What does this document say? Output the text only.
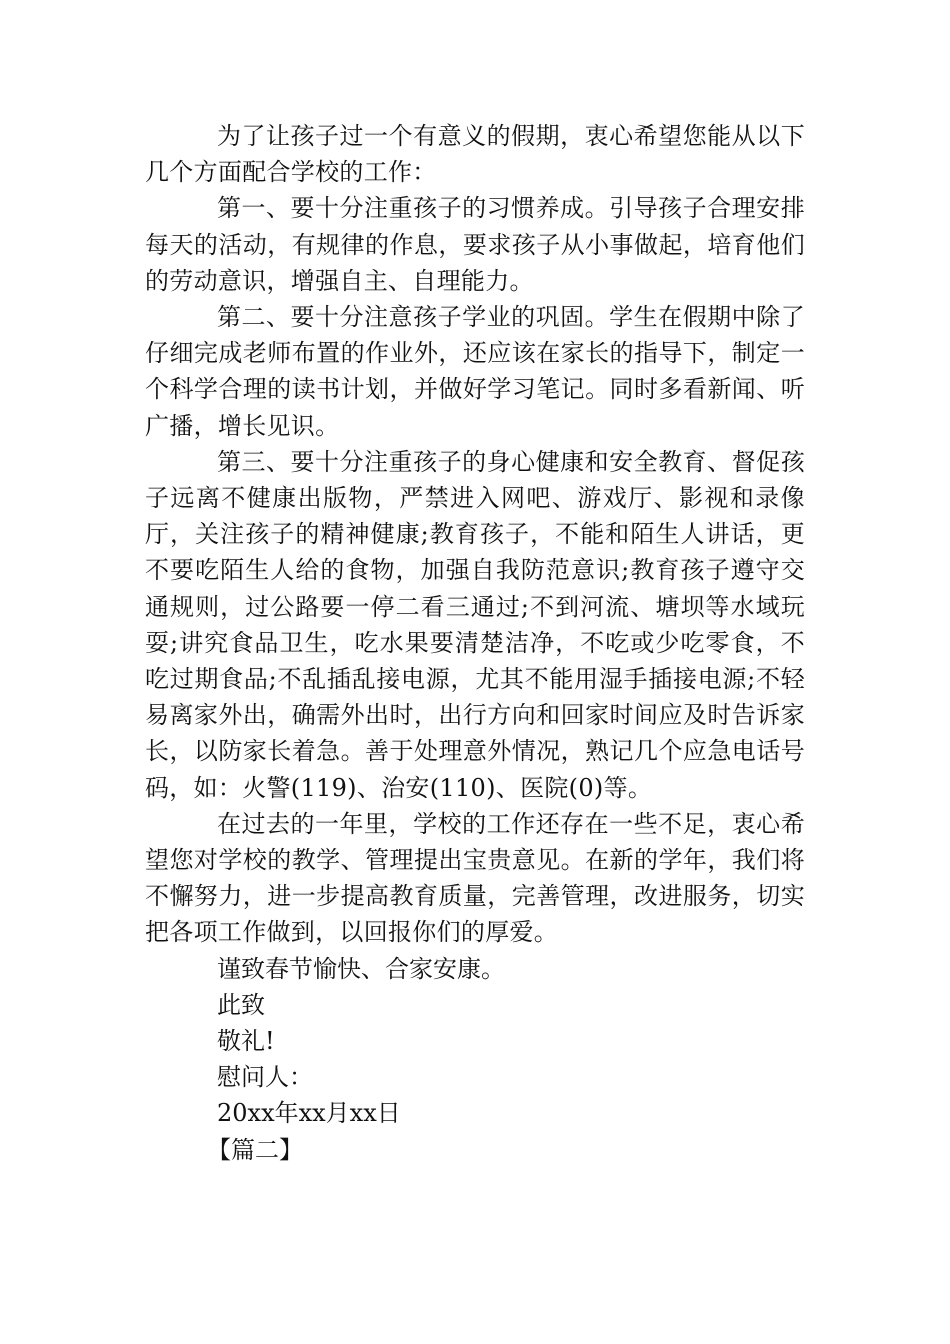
为了让孩子过一个有意义的假期，衷心希望您能从以下几个方面配合学校的工作：

第一、要十分注重孩子的习惯养成。引导孩子合理安排每天的活动，有规律的作息，要求孩子从小事做起，培育他们的劳动意识，增强自主、自理能力。

第二、要十分注意孩子学业的巩固。学生在假期中除了仔细完成老师布置的作业外，还应该在家长的指导下，制定一个科学合理的读书计划，并做好学习笔记。同时多看新闻、听广播，增长见识。

第三、要十分注重孩子的身心健康和安全教育、督促孩子远离不健康出版物，严禁进入网吧、游戏厅、影视和录像厅，关注孩子的精神健康;教育孩子，不能和陌生人讲话，更不要吃陌生人给的食物，加强自我防范意识;教育孩子遵守交通规则，过公路要一停二看三通过;不到河流、塘坝等水域玩耍;讲究食品卫生，吃水果要清楚洁净，不吃或少吃零食，不吃过期食品;不乱插乱接电源，尤其不能用湿手插接电源;不轻易离家外出，确需外出时，出行方向和回家时间应及时告诉家长，以防家长着急。善于处理意外情况，熟记几个应急电话号码，如：火警(119)、治安(110)、医院(0)等。

在过去的一年里，学校的工作还存在一些不足，衷心希望您对学校的教学、管理提出宝贵意见。在新的学年，我们将不懈努力，进一步提高教育质量，完善管理，改进服务，切实把各项工作做到，以回报你们的厚爱。

谨致春节愉快、合家安康。

此致

敬礼!

慰问人：

20xx年xx月xx日

【篇二】
